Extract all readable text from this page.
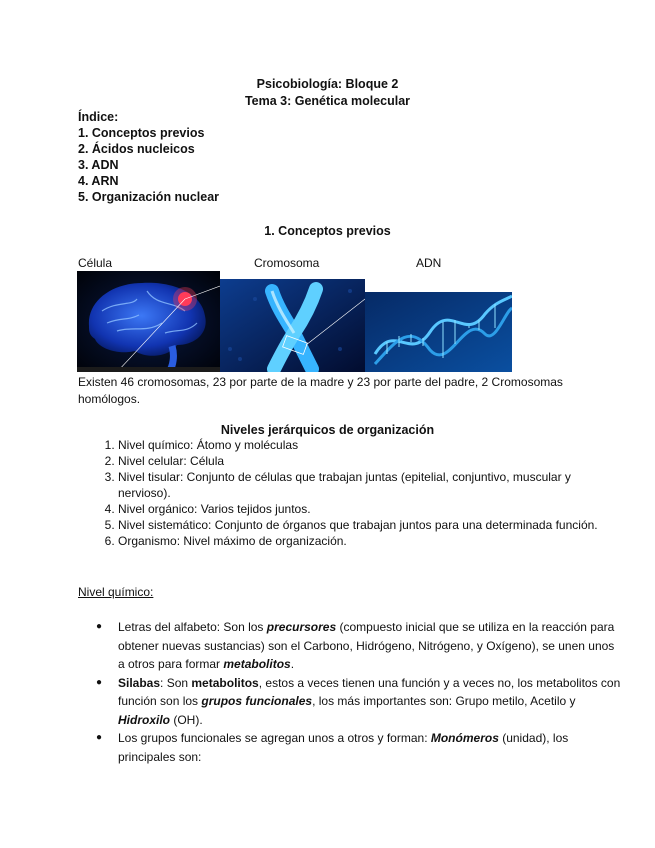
Psicobiología: Bloque 2
Tema 3: Genética molecular
Índice:
1. Conceptos previos
2. Ácidos nucleicos
3. ADN
4. ARN
5. Organización nuclear
1. Conceptos previos
Célula	Cromosoma	ADN
Existen 46 cromosomas, 23 por parte de la madre y 23 por parte del padre, 2 Cromosomas homólogos.
Niveles jerárquicos de organización
1. Nivel químico: Átomo y moléculas
2. Nivel celular: Célula
3. Nivel tisular: Conjunto de células que trabajan juntas (epitelial, conjuntivo, muscular y nervioso).
4. Nivel orgánico: Varios tejidos juntos.
5. Nivel sistemático: Conjunto de órganos que trabajan juntos para una determinada función.
6. Organismo: Nivel máximo de organización.
Nivel químico:
● Letras del alfabeto: Son los precursores (compuesto inicial que se utiliza en la reacción para obtener nuevas sustancias) son el Carbono, Hidrógeno, Nitrógeno, y Oxígeno), se unen unos a otros para formar metabolitos.
● Silabas: Son metabolitos, estos a veces tienen una función y a veces no, los metabolitos con función son los grupos funcionales, los más importantes son: Grupo metilo, Acetilo y Hidroxilo (OH).
● Los grupos funcionales se agregan unos a otros y forman: Monómeros (unidad), los principales son:
